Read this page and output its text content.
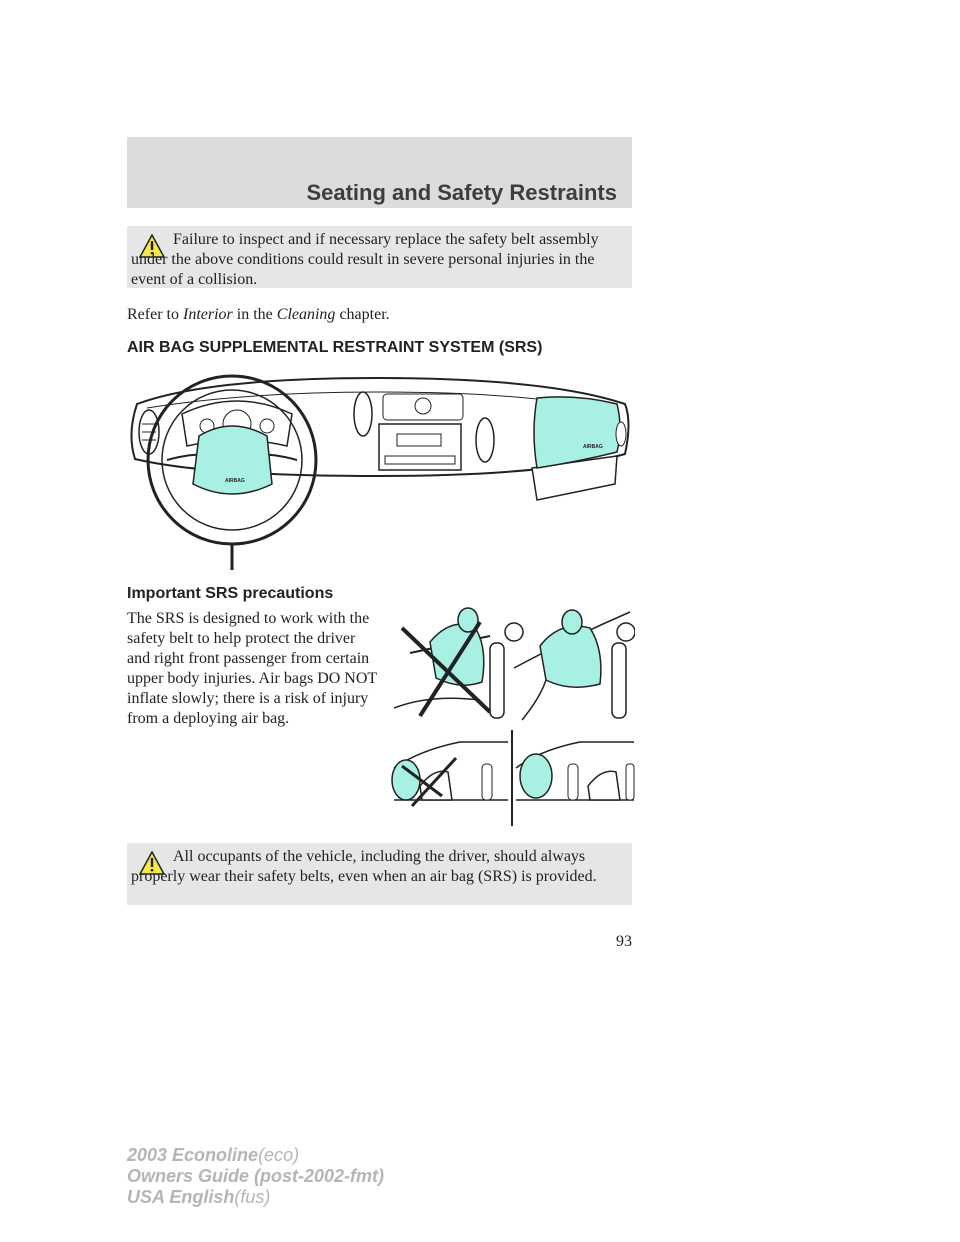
Seating and Safety Restraints
Failure to inspect and if necessary replace the safety belt assembly under the above conditions could result in severe personal injuries in the event of a collision.
Refer to Interior in the Cleaning chapter.
AIR BAG SUPPLEMENTAL RESTRAINT SYSTEM (SRS)
AIRBAG
AIRBAG
Important SRS precautions
The SRS is designed to work with the safety belt to help protect the driver and right front passenger from certain upper body injuries. Air bags DO NOT inflate slowly; there is a risk of injury from a deploying air bag.
All occupants of the vehicle, including the driver, should always properly wear their safety belts, even when an air bag (SRS) is provided.
93
2003 Econoline(eco)
Owners Guide (post-2002-fmt)
USA English(fus)
